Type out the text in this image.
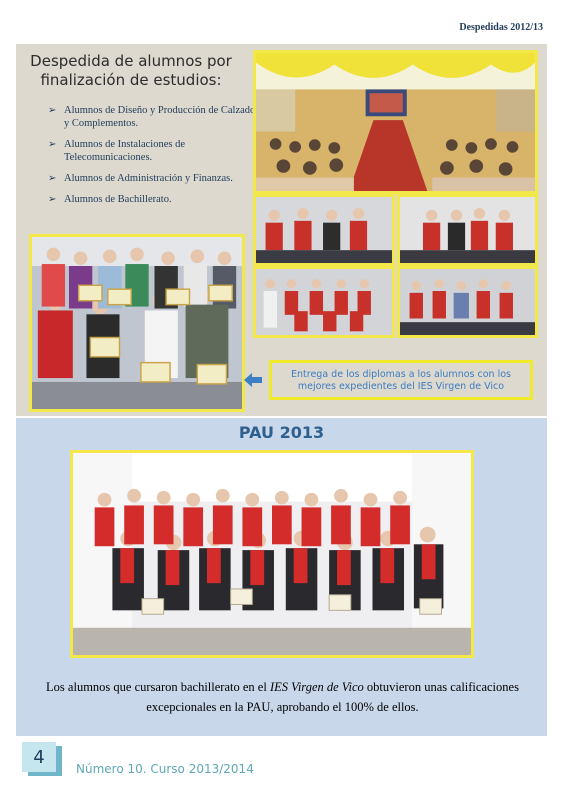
Despedidas 2012/13
Despedida de alumnos por finalización de estudios:
➢ Alumnos de Diseño y Producción de Calzado y Complementos.
➢ Alumnos de Instalaciones de Telecomunicaciones.
➢ Alumnos de Administración y Finanzas.
➢ Alumnos de Bachillerato.
Entrega de los diplomas a los alumnos con los mejores expedientes del IES Virgen de Vico
PAU 2013
Los alumnos que cursaron bachillerato en el IES Virgen de Vico obtuvieron unas calificaciones excepcionales en la PAU, aprobando el 100% de ellos.
4
Número 10. Curso 2013/2014
